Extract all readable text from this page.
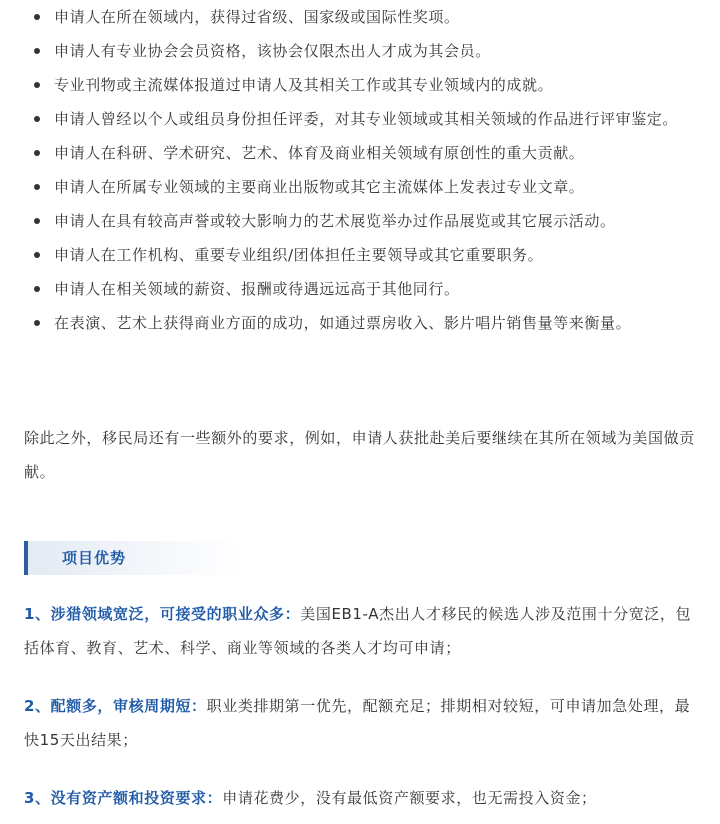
申请人在所在领域内，获得过省级、国家级或国际性奖项。
申请人有专业协会会员资格，该协会仅限杰出人才成为其会员。
专业刊物或主流媒体报道过申请人及其相关工作或其专业领域内的成就。
申请人曾经以个人或组员身份担任评委，对其专业领域或其相关领域的作品进行评审鉴定。
申请人在科研、学术研究、艺术、体育及商业相关领域有原创性的重大贡献。
申请人在所属专业领域的主要商业出版物或其它主流媒体上发表过专业文章。
申请人在具有较高声誉或较大影响力的艺术展览举办过作品展览或其它展示活动。
申请人在工作机构、重要专业组织/团体担任主要领导或其它重要职务。
申请人在相关领域的薪资、报酬或待遇远远高于其他同行。
在表演、艺术上获得商业方面的成功，如通过票房收入、影片唱片销售量等来衡量。

除此之外，移民局还有一些额外的要求，例如，申请人获批赴美后要继续在其所在领域为美国做贡献。

项目优势

1、涉猎领域宽泛，可接受的职业众多：美国EB1-A杰出人才移民的候选人涉及范围十分宽泛，包括体育、教育、艺术、科学、商业等领域的各类人才均可申请；

2、配额多，审核周期短：职业类排期第一优先，配额充足；排期相对较短，可申请加急处理，最快15天出结果；

3、没有资产额和投资要求：申请花费少，没有最低资产额要求，也无需投入资金；
